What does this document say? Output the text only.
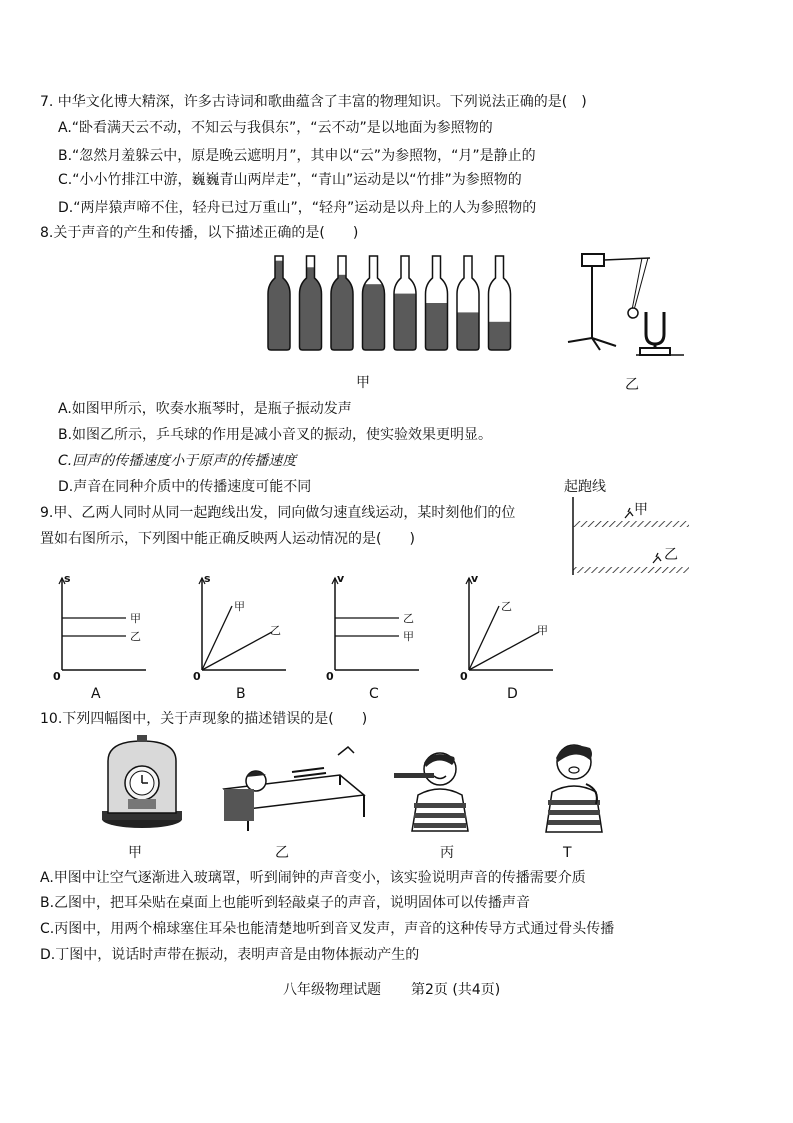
7. 中华文化博大精深，许多古诗词和歌曲蕴含了丰富的物理知识。下列说法正确的是(　)
A.“卧看满天云不动，不知云与我俱东”，“云不动”是以地面为参照物的
B.“忽然月羞躲云中，原是晚云遮明月”，其申以“云”为参照物，“月”是静止的
C.“小小竹排江中游，巍巍青山两岸走”，“青山”运动是以“竹排”为参照物的
D.“两岸猿声啼不住，轻舟已过万重山”，“轻舟”运动是以舟上的人为参照物的
8.关于声音的产生和传播，以下描述正确的是(　　)
甲	乙
A.如图甲所示，吹奏水瓶琴时，是瓶子振动发声
B.如图乙所示，乒乓球的作用是减小音叉的振动，使实验效果更明显。
C.回声的传播速度小于原声的传播速度
D.声音在同种介质中的传播速度可能不同	起跑线
9.甲、乙两人同时从同一起跑线出发，同向做匀速直线运动，某时刻他们的位
置如右图所示，下列图中能正确反映两人运动情况的是(　　)
甲
乙
s
0
甲
乙
s
0
甲
乙
v
0
乙
甲
v
0
乙
甲
A	B	C	D
10.下列四幅图中，关于声现象的描述错误的是(　　)
甲	乙	丙	T
A.甲图中让空气逐渐进入玻璃罩，听到闹钟的声音变小，该实验说明声音的传播需要介质
B.乙图中，把耳朵贴在桌面上也能听到轻敲桌子的声音，说明固体可以传播声音
C.丙图中，用两个棉球塞住耳朵也能清楚地听到音叉发声，声音的这种传导方式通过骨头传播
D.丁图中，说话时声带在振动，表明声音是由物体振动产生的
八年级物理试题 第2页 (共4页)
